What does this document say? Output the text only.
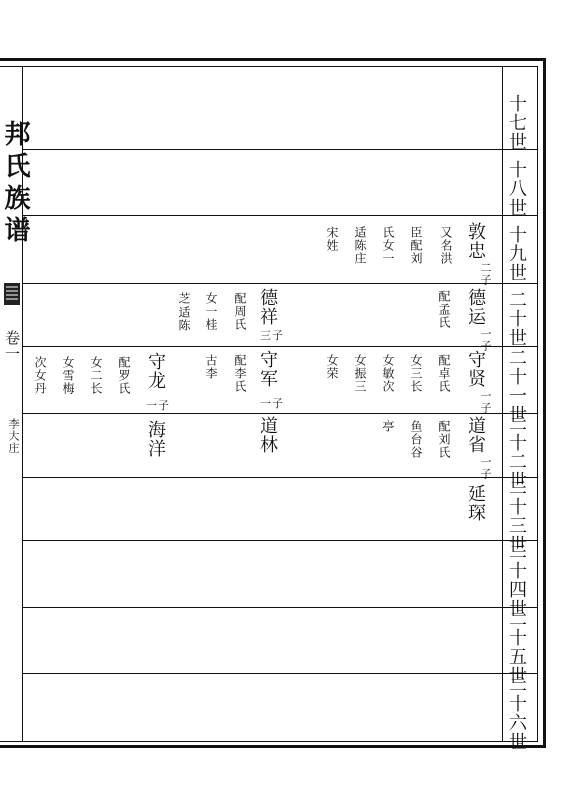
邦氏族谱
卷一
李大庄
十七世
十八世
十九世
二十世
二十一世
二十二世
二十三世
二十四世
二十五世
二十六世
敦忠
二子
又名洪
臣配刘
氏女一
适陈庄
宋姓
德运
一子
配孟氏
德祥
三子
配周氏
女一桂
适陈
芝
守贤
一子
配卓氏
女三长
女敏次
亭
女振三
女荣
守军
一子
配李氏
古李
守龙
一子
配罗氏
女二长
女雪梅
次女丹
道省
一子
配刘氏
鱼台谷
道林
海洋
延琛
